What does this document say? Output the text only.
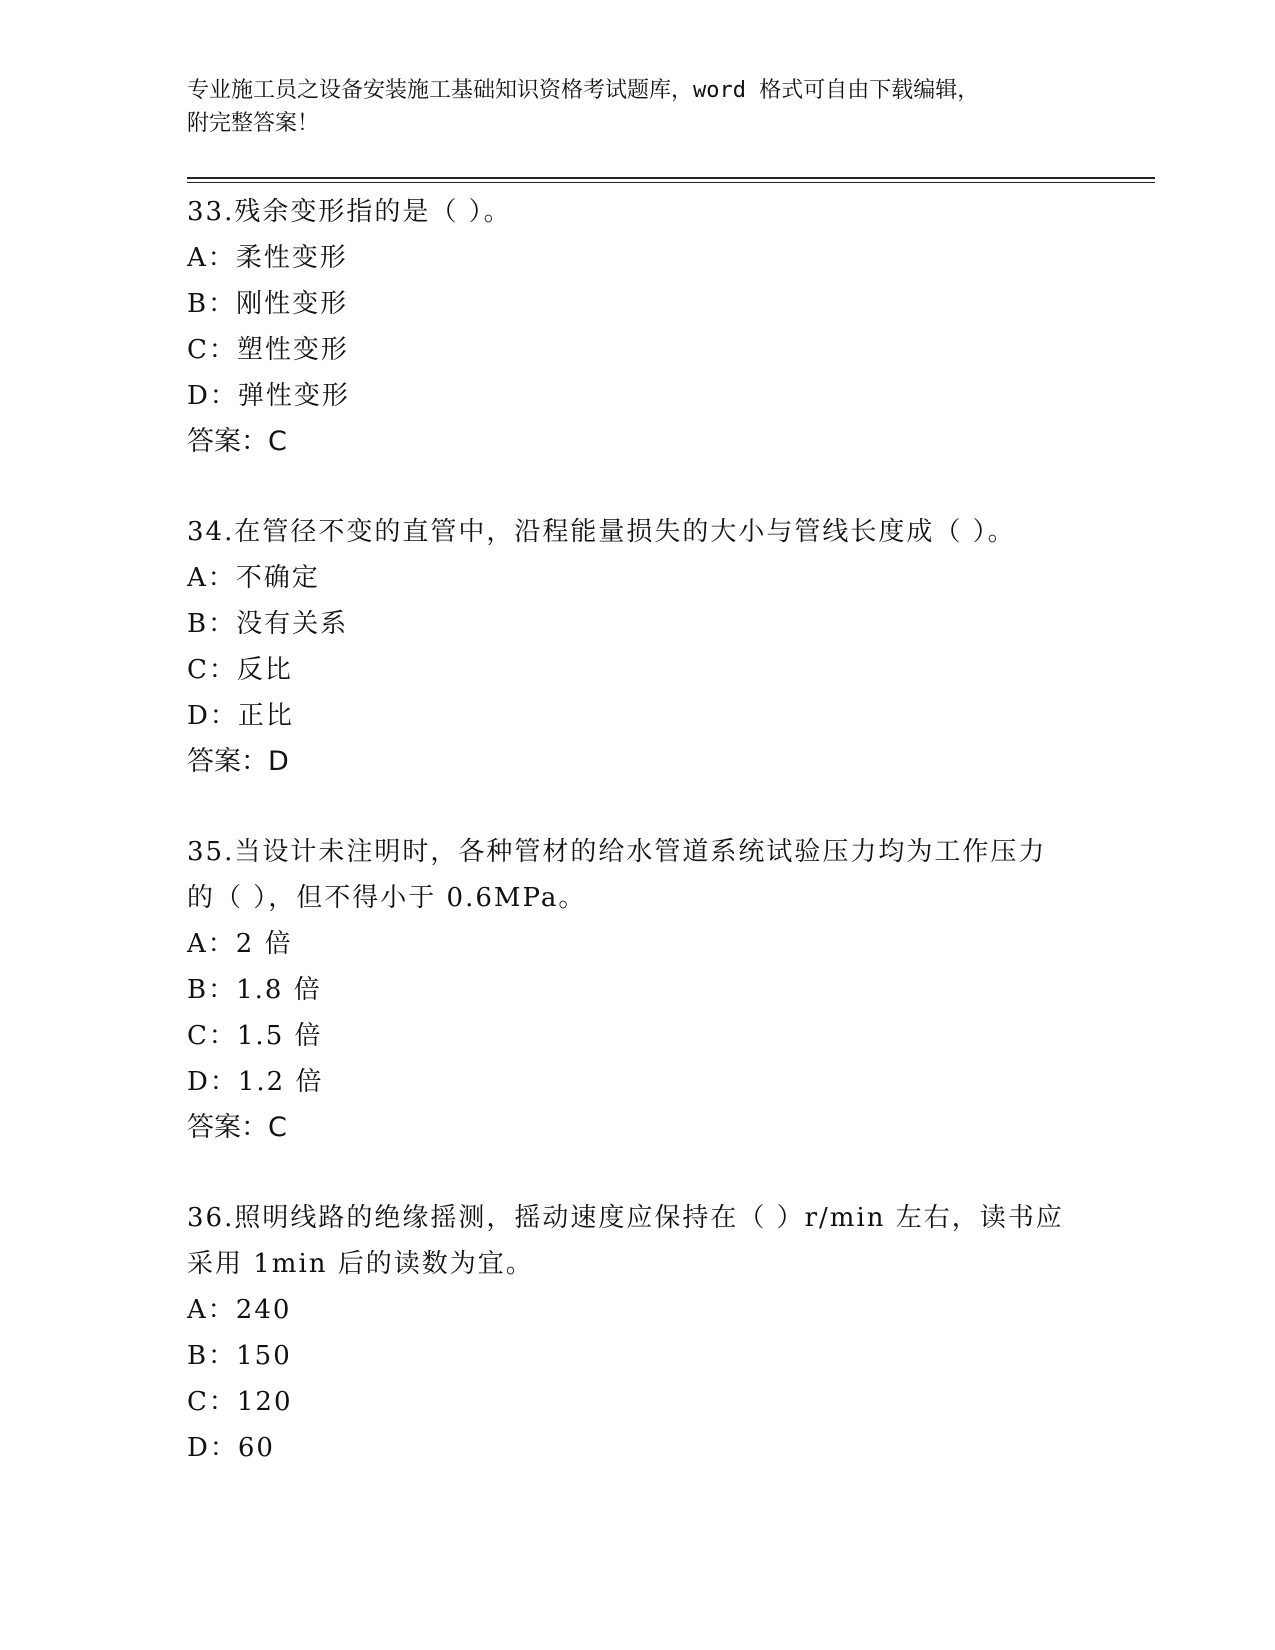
专业施工员之设备安装施工基础知识资格考试题库，word 格式可自由下载编辑，
附完整答案！

33.残余变形指的是（ ）。

A：柔性变形

B：刚性变形

C：塑性变形

D：弹性变形

答案：C

34.在管径不变的直管中，沿程能量损失的大小与管线长度成（ ）。

A：不确定

B：没有关系

C：反比

D：正比

答案：D

35.当设计未注明时，各种管材的给水管道系统试验压力均为工作压力

的（ ），但不得小于 0.6MPa。

A：2 倍

B：1.8 倍

C：1.5 倍

D：1.2 倍

答案：C

36.照明线路的绝缘摇测，摇动速度应保持在（ ）r/min 左右，读书应

采用 1min 后的读数为宜。

A：240

B：150

C：120

D：60
